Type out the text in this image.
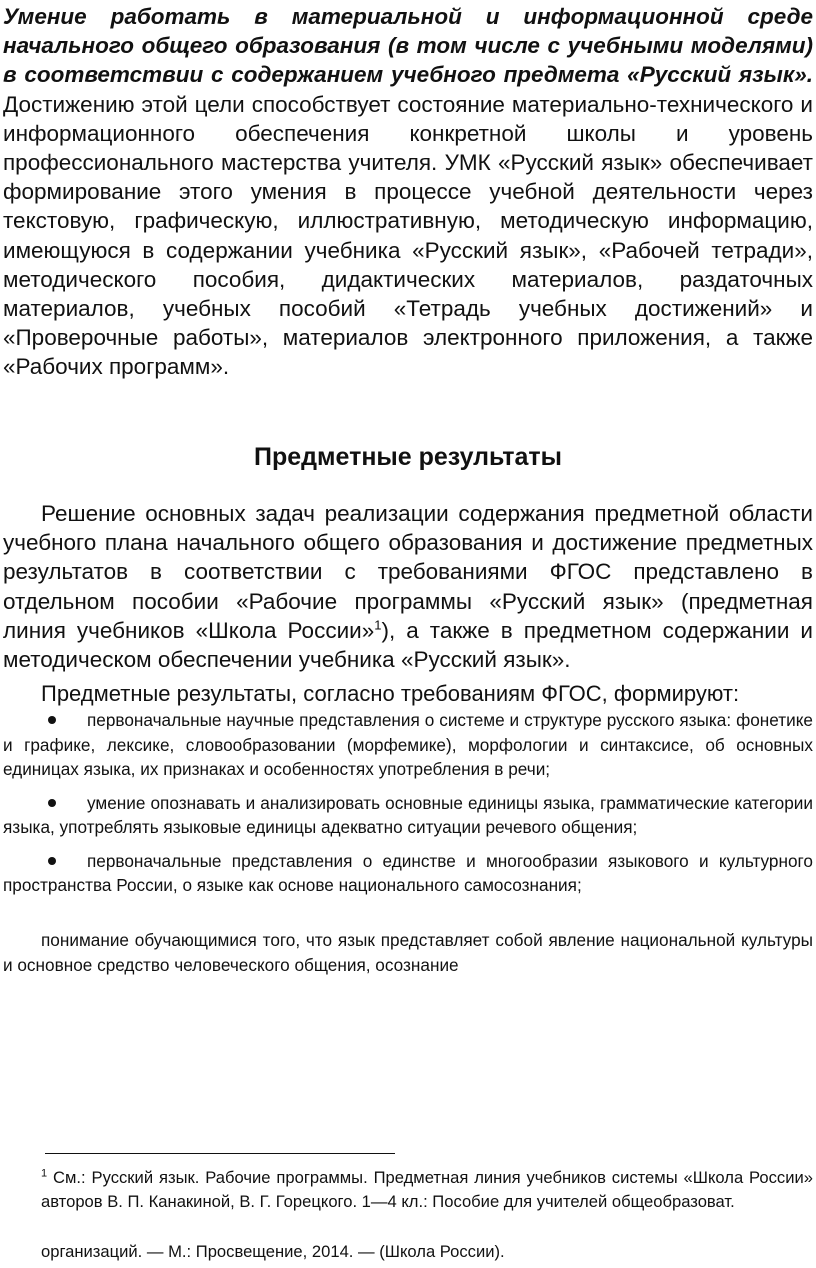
Умение работать в материальной и информационной среде начального общего образования (в том числе с учебными моделями) в соответствии с содержанием учебного предмета «Русский язык». Достижению этой цели способствует состояние материально-технического и информационного обеспечения конкретной школы и уровень профессионального мастерства учителя. УМК «Русский язык» обеспечивает формирование этого умения в процессе учебной деятельности через текстовую, графическую, иллюстративную, методическую информацию, имеющуюся в содержании учебника «Русский язык», «Рабочей тетради», методического пособия, дидактических материалов, раздаточных материалов, учебных пособий «Тетрадь учебных достижений» и «Проверочные работы», материалов электронного приложения, а также «Рабочих программ».

Предметные результаты

Решение основных задач реализации содержания предметной области учебного плана начального общего образования и достижение предметных результатов в соответствии с требованиями ФГОС представлено в отдельном пособии «Рабочие программы «Русский язык» (предметная линия учебников «Школа России»$^1$), а также в предметном содержании и методическом обеспечении учебника «Русский язык».

Предметные результаты, согласно требованиям ФГОС, формируют:

первоначальные научные представления о системе и структуре русского языка: фонетике и графике, лексике, словообразовании (морфемике), морфологии и синтаксисе, об основных единицах языка, их признаках и особенностях употребления в речи;
умение опознавать и анализировать основные единицы языка, грамматические категории языка, употреблять языковые единицы адекватно ситуации речевого общения;
первоначальные представления о единстве и многообразии языкового и культурного пространства России, о языке как основе национального самосознания;

понимание обучающимися того, что язык представляет собой явление национальной культуры и основное средство человеческого общения, осознание

$^1$ См.: Русский язык. Рабочие программы. Предметная линия учебников системы «Школа России» авторов В. П. Канакиной, В. Г. Горецкого. 1—4 кл.: Пособие для учителей общеобразоват.

организаций. — М.: Просвещение, 2014. — (Школа России).
